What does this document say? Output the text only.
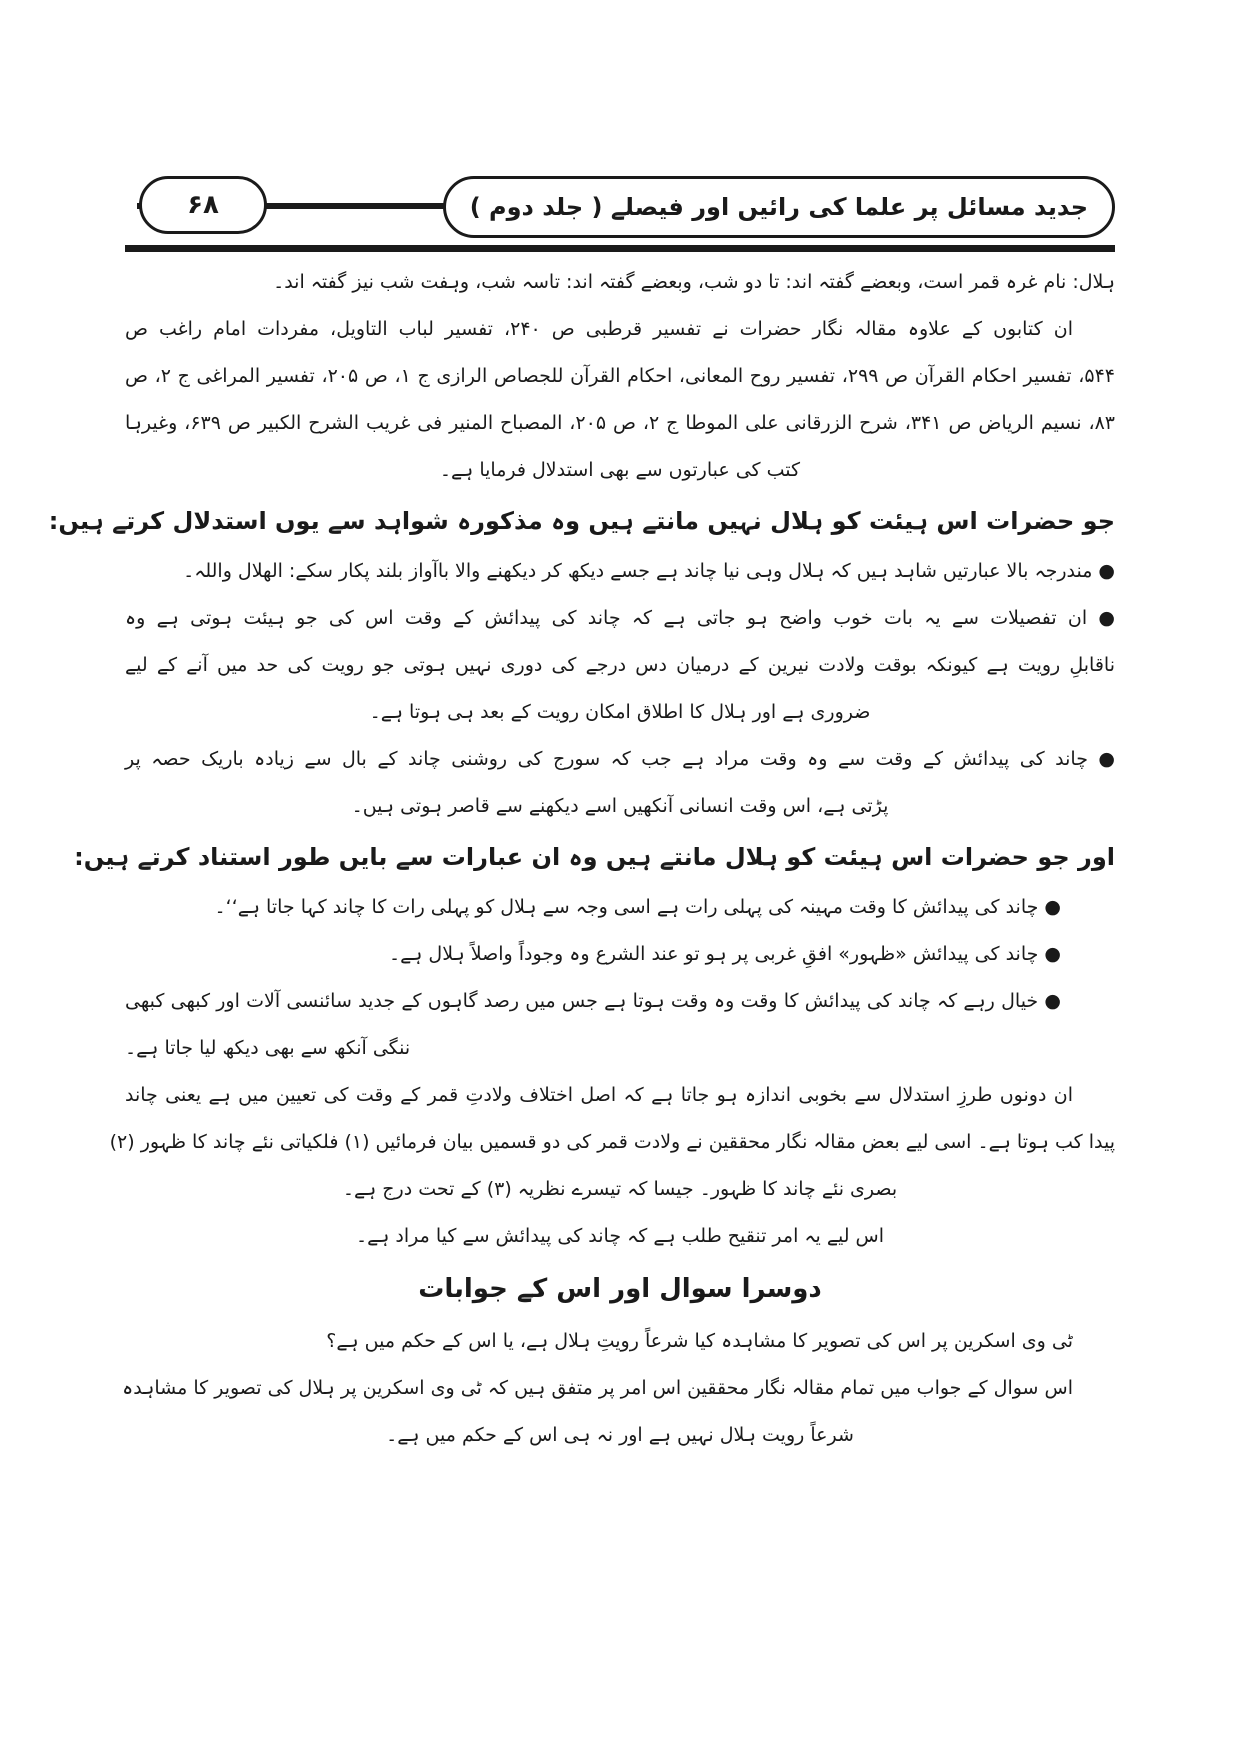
۶۸	جدید مسائل پر علما کی رائیں اور فیصلے ( جلد دوم )
ہلال: نام غرہ قمر است، وبعضے گفتہ اند: تا دو شب، وبعضے گفتہ اند: تاسہ شب، وہفت شب نیز گفتہ اند۔
ان کتابوں کے علاوہ مقالہ نگار حضرات نے تفسیر قرطبی ص ۲۴۰، تفسیر لباب التاویل، مفردات امام راغب ص
۵۴۴، تفسیر احکام القرآن ص ۲۹۹، تفسیر روح المعانی، احکام القرآن للجصاص الرازی ج ۱، ص ۲۰۵، تفسیر المراغی ج ۲، ص
۸۳، نسیم الریاض ص ۳۴۱، شرح الزرقانی علی الموطا ج ۲، ص ۲۰۵، المصباح المنیر فی غریب الشرح الکبیر ص ۶۳۹، وغیرہا
کتب کی عبارتوں سے بھی استدلال فرمایا ہے۔
جو حضرات اس ہیئت کو ہلال نہیں مانتے ہیں وہ مذکورہ شواہد سے یوں استدلال کرتے ہیں:
● مندرجہ بالا عبارتیں شاہد ہیں کہ ہلال وہی نیا چاند ہے جسے دیکھ کر دیکھنے والا باآواز بلند پکار سکے: الھلال واللہ۔
● ان تفصیلات سے یہ بات خوب واضح ہو جاتی ہے کہ چاند کی پیدائش کے وقت اس کی جو ہیئت ہوتی ہے وہ
ناقابلِ رویت ہے کیونکہ بوقت ولادت نیرین کے درمیان دس درجے کی دوری نہیں ہوتی جو رویت کی حد میں آنے کے لیے
ضروری ہے اور ہلال کا اطلاق امکان رویت کے بعد ہی ہوتا ہے۔
● چاند کی پیدائش کے وقت سے وہ وقت مراد ہے جب کہ سورج کی روشنی چاند کے بال سے زیادہ باریک حصہ پر
پڑتی ہے، اس وقت انسانی آنکھیں اسے دیکھنے سے قاصر ہوتی ہیں۔
اور جو حضرات اس ہیئت کو ہلال مانتے ہیں وہ ان عبارات سے بایں طور استناد کرتے ہیں:
● چاند کی پیدائش کا وقت مہینہ کی پہلی رات ہے اسی وجہ سے ہلال کو پہلی رات کا چاند کہا جاتا ہے‘‘۔
● چاند کی پیدائش «ظہور» افقِ غربی پر ہو تو عند الشرع وہ وجوداً واصلاً ہلال ہے۔
● خیال رہے کہ چاند کی پیدائش کا وقت وہ وقت ہوتا ہے جس میں رصد گاہوں کے جدید سائنسی آلات اور کبھی کبھی
ننگی آنکھ سے بھی دیکھ لیا جاتا ہے۔
ان دونوں طرزِ استدلال سے بخوبی اندازہ ہو جاتا ہے کہ اصل اختلاف ولادتِ قمر کے وقت کی تعیین میں ہے یعنی چاند
پیدا کب ہوتا ہے۔ اسی لیے بعض مقالہ نگار محققین نے ولادت قمر کی دو قسمیں بیان فرمائیں (۱) فلکیاتی نئے چاند کا ظہور (۲)
بصری نئے چاند کا ظہور۔ جیسا کہ تیسرے نظریہ (۳) کے تحت درج ہے۔
اس لیے یہ امر تنقیح طلب ہے کہ چاند کی پیدائش سے کیا مراد ہے۔
دوسرا سوال اور اس کے جوابات
ٹی وی اسکرین پر اس کی تصویر کا مشاہدہ کیا شرعاً رویتِ ہلال ہے، یا اس کے حکم میں ہے؟
اس سوال کے جواب میں تمام مقالہ نگار محققین اس امر پر متفق ہیں کہ ٹی وی اسکرین پر ہلال کی تصویر کا مشاہدہ
شرعاً رویت ہلال نہیں ہے اور نہ ہی اس کے حکم میں ہے۔
